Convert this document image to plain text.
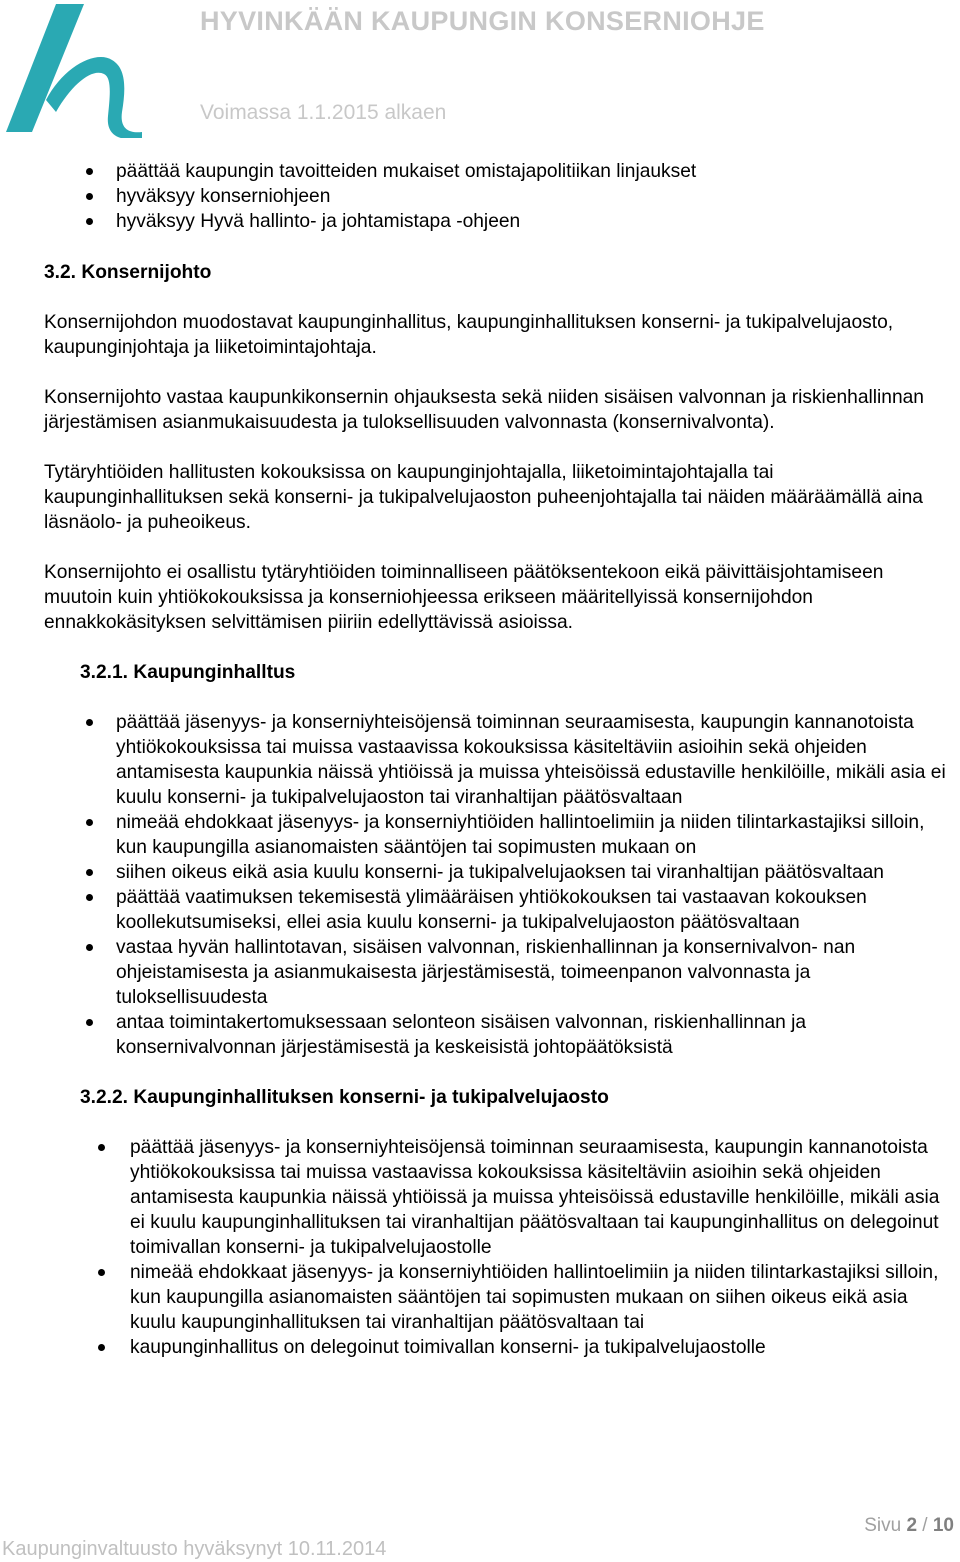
HYVINKÄÄN KAUPUNGIN KONSERNIOHJE
Voimassa 1.1.2015 alkaen
päättää kaupungin tavoitteiden mukaiset omistajapolitiikan linjaukset
hyväksyy konserniohjeen
hyväksyy Hyvä hallinto- ja johtamistapa -ohjeen
3.2. Konsernijohto

Konsernijohdon muodostavat kaupunginhallitus, kaupunginhallituksen konserni- ja tukipalvelujaosto, kaupunginjohtaja ja liiketoimintajohtaja.

Konsernijohto vastaa kaupunkikonsernin ohjauksesta sekä niiden sisäisen valvonnan ja riskienhallinnan järjestämisen asianmukaisuudesta ja tuloksellisuuden valvonnasta (konsernivalvonta).

Tytäryhtiöiden hallitusten kokouksissa on kaupunginjohtajalla, liiketoimintajohtajalla tai kaupunginhallituksen sekä konserni- ja tukipalvelujaoston puheenjohtajalla tai näiden määräämällä aina läsnäolo- ja puheoikeus.

Konsernijohto ei osallistu tytäryhtiöiden toiminnalliseen päätöksentekoon eikä päivittäisjohtamiseen muutoin kuin yhtiökokouksissa ja konserniohjeessa erikseen määritellyissä konsernijohdon ennakkokäsityksen selvittämisen piiriin edellyttävissä asioissa.

3.2.1. Kaupunginhalltus
päättää jäsenyys- ja konserniyhteisöjensä toiminnan seuraamisesta, kaupungin kannanotoista yhtiökokouksissa tai muissa vastaavissa kokouksissa käsiteltäviin asioihin sekä ohjeiden antamisesta kaupunkia näissä yhtiöissä ja muissa yhteisöissä edustaville henkilöille, mikäli asia ei kuulu konserni- ja tukipalvelujaoston tai viranhaltijan päätösvaltaan
nimeää ehdokkaat jäsenyys- ja konserniyhtiöiden hallintoelimiin ja niiden tilintarkastajiksi silloin, kun kaupungilla asianomaisten sääntöjen tai sopimusten mukaan on
siihen oikeus eikä asia kuulu konserni- ja tukipalvelujaoksen tai viranhaltijan päätösvaltaan
päättää vaatimuksen tekemisestä ylimääräisen yhtiökokouksen tai vastaavan kokouksen koollekutsumiseksi, ellei asia kuulu konserni- ja tukipalvelujaoston päätösvaltaan
vastaa hyvän hallintotavan, sisäisen valvonnan, riskienhallinnan ja konsernivalvon- nan ohjeistamisesta ja asianmukaisesta järjestämisestä, toimeenpanon valvonnasta ja tuloksellisuudesta
antaa toimintakertomuksessaan selonteon sisäisen valvonnan, riskienhallinnan ja konsernivalvonnan järjestämisestä ja keskeisistä johtopäätöksistä
3.2.2. Kaupunginhallituksen konserni- ja tukipalvelujaosto
päättää jäsenyys- ja konserniyhteisöjensä toiminnan seuraamisesta, kaupungin kannanotoista yhtiökokouksissa tai muissa vastaavissa kokouksissa käsiteltäviin asioihin sekä ohjeiden antamisesta kaupunkia näissä yhtiöissä ja muissa yhteisöissä edustaville henkilöille, mikäli asia ei kuulu kaupunginhallituksen tai viranhaltijan päätösvaltaan tai kaupunginhallitus on delegoinut toimivallan konserni- ja tukipalvelujaostolle
nimeää ehdokkaat jäsenyys- ja konserniyhtiöiden hallintoelimiin ja niiden tilintarkastajiksi silloin, kun kaupungilla asianomaisten sääntöjen tai sopimusten mukaan on siihen oikeus eikä asia kuulu kaupunginhallituksen tai viranhaltijan päätösvaltaan tai
kaupunginhallitus on delegoinut toimivallan konserni- ja tukipalvelujaostolle
Sivu 2 / 10
Kaupunginvaltuusto hyväksynyt 10.11.2014
